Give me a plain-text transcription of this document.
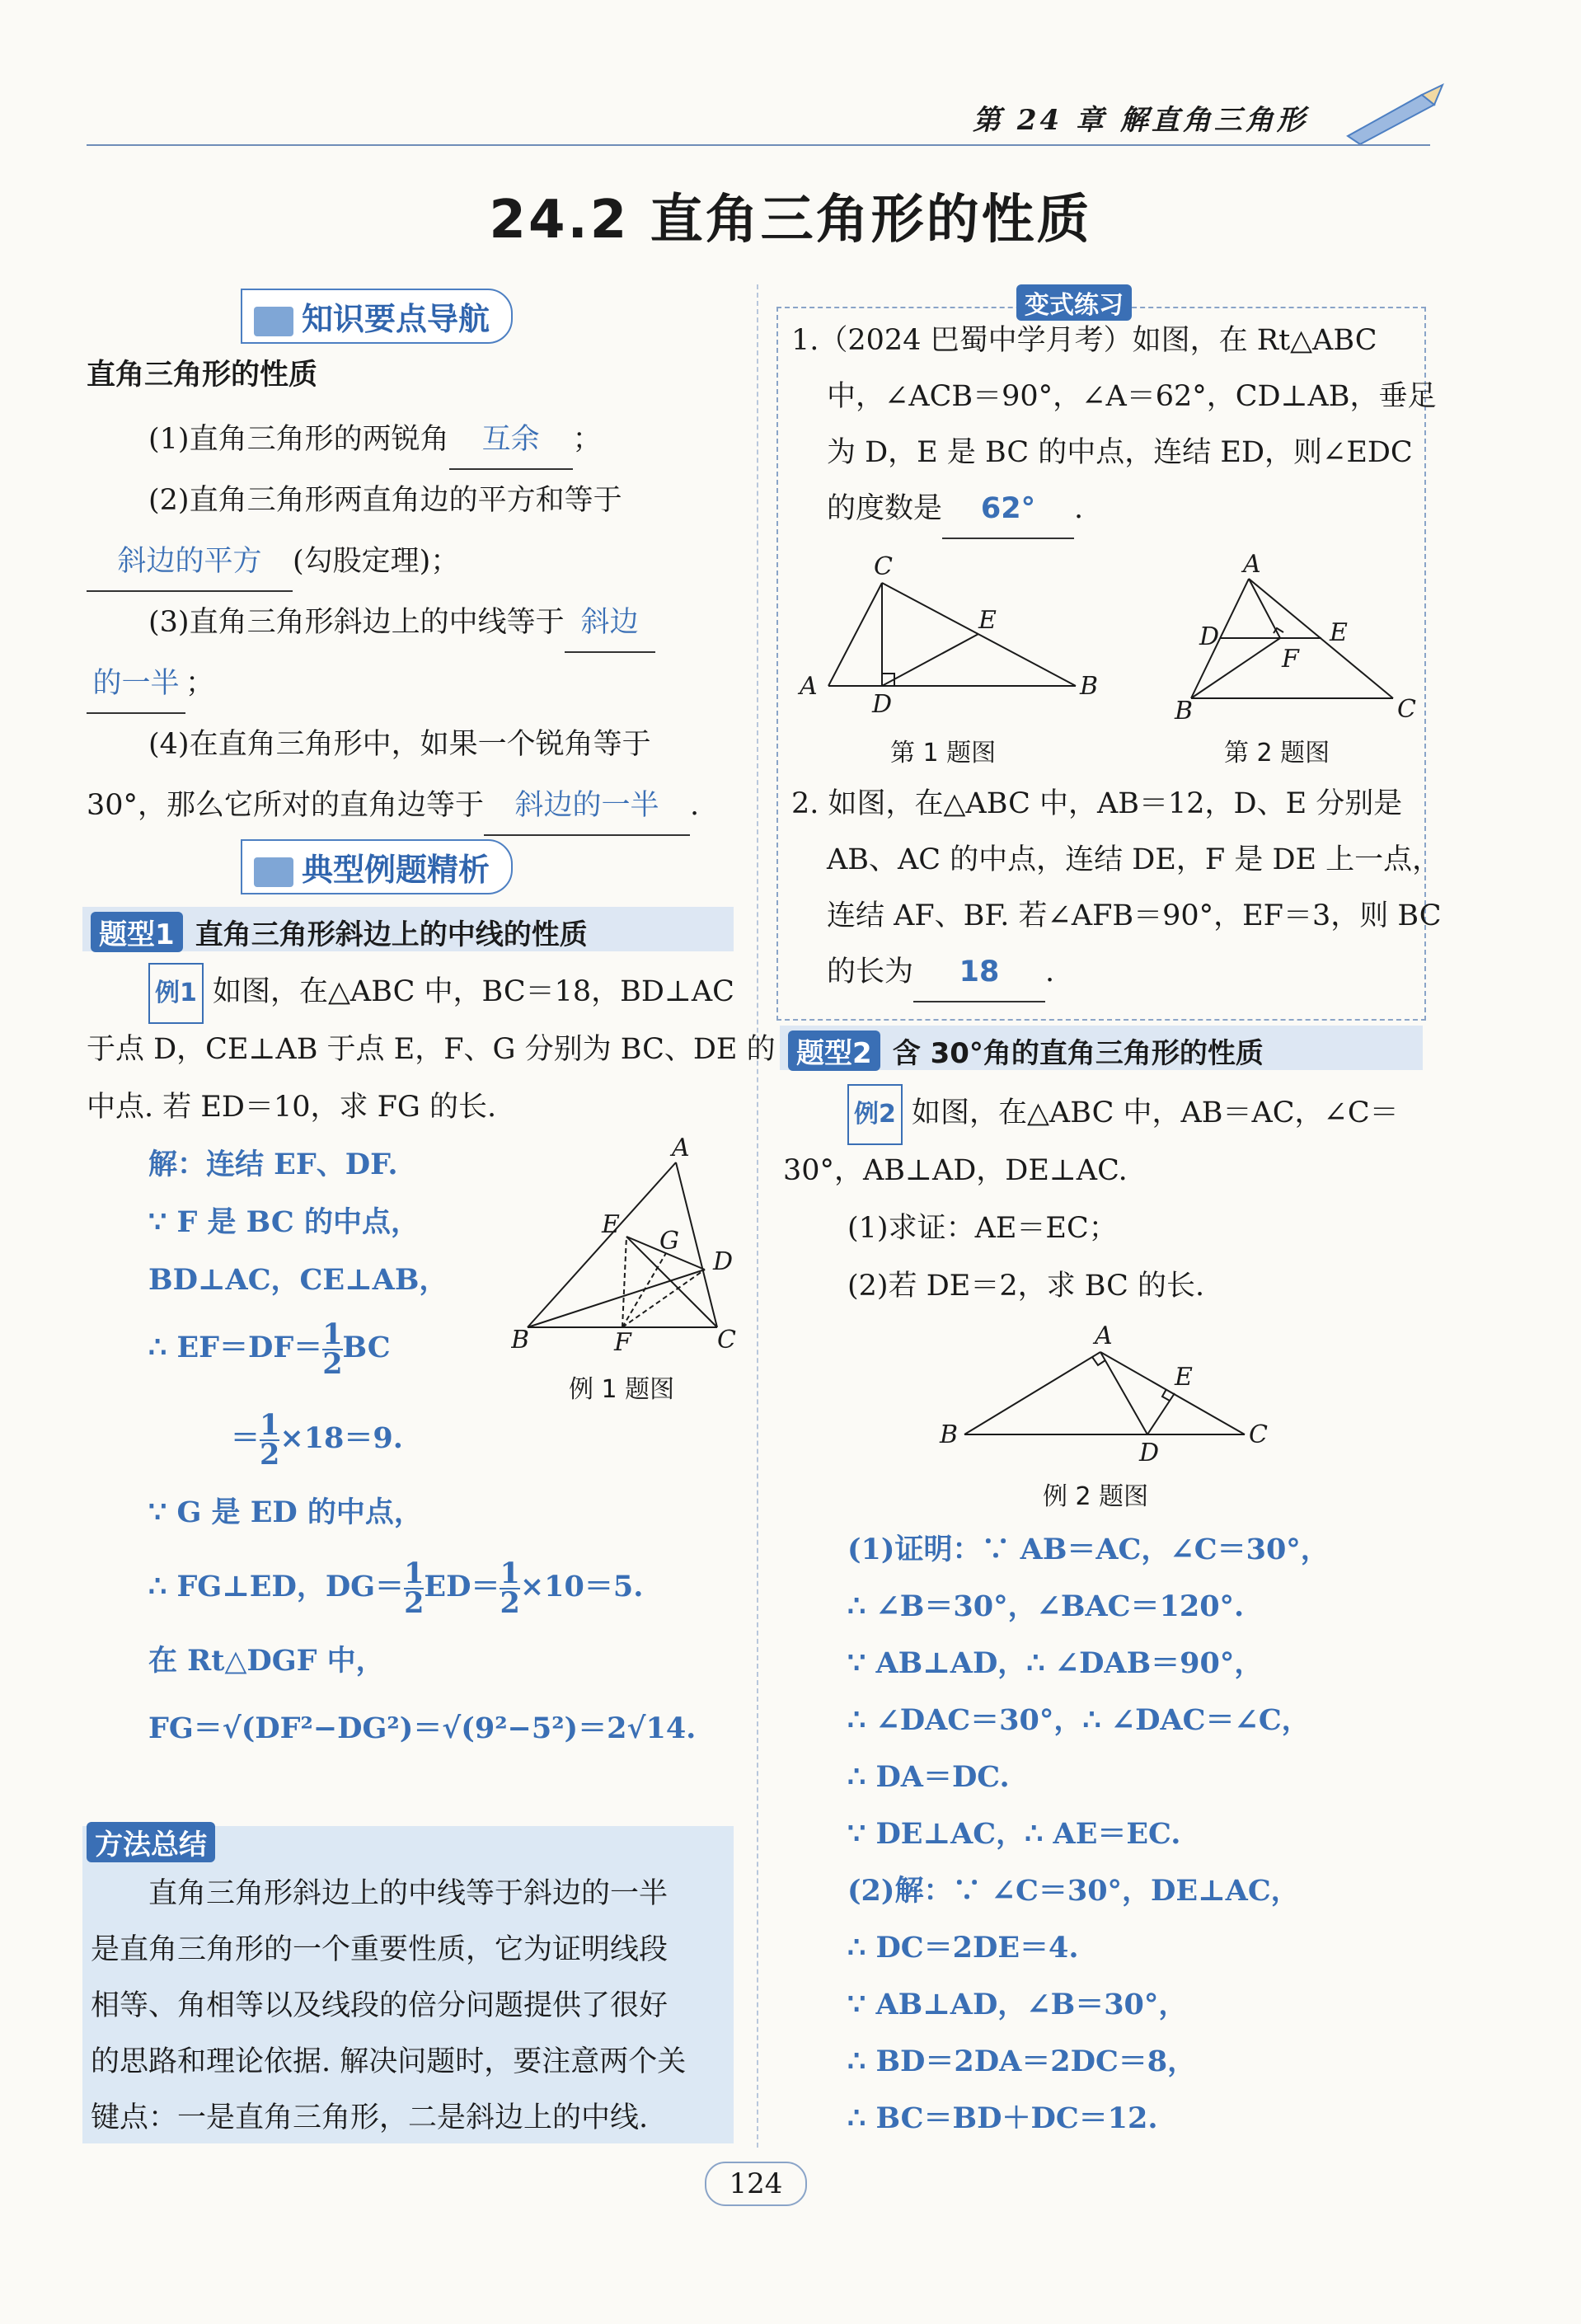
第 24 章 解直角三角形
24.2 直角三角形的性质
知识要点导航
直角三角形的性质
(1)直角三角形的两锐角 互余 ；
(2)直角三角形两直角边的平方和等于
斜边的平方 (勾股定理)；
(3)直角三角形斜边上的中线等于 斜边
的一半 ；
(4)在直角三角形中，如果一个锐角等于
30°，那么它所对的直角边等于 斜边的一半 .
典型例题精析
题型1 直角三角形斜边上的中线的性质
例1 如图，在△ABC 中，BC＝18，BD⊥AC
于点 D，CE⊥AB 于点 E，F、G 分别为 BC、DE 的
中点. 若 ED＝10，求 FG 的长.
解：连结 EF、DF.
∵ F 是 BC 的中点，
BD⊥AC，CE⊥AB，
∴ $EF=DF= \frac{1}{2}$ BC
＝ $\frac{1}{2} \times 18=9$.
∵ G 是 ED 的中点，
∴ FG⊥ED，$DG= \frac{1}{2} ED= \frac{1}{2} \times 10=5$.
在 Rt△DGF 中，
FG＝√(DF²−DG²)＝√(9²−5²)＝2√14.
A
E
G
D
B	F	C
例 1 题图
方法总结
直角三角形斜边上的中线等于斜边的一半
是直角三角形的一个重要性质，它为证明线段
相等、角相等以及线段的倍分问题提供了很好
的思路和理论依据. 解决问题时，要注意两个关
键点：一是直角三角形，二是斜边上的中线.
变式练习
1.（2024 巴蜀中学月考）如图，在 Rt△ABC
中，∠ACB＝90°，∠A＝62°，CD⊥AB，垂足
为 D，E 是 BC 的中点，连结 ED，则∠EDC
的度数是 62° .
C
E
A
D
B
第 1 题图
A
D	E
F
B	C
第 2 题图
2. 如图，在△ABC 中，AB＝12，D、E 分别是
AB、AC 的中点，连结 DE，F 是 DE 上一点，
连结 AF、BF. 若∠AFB＝90°，EF＝3，则 BC
的长为 18 .
题型2 含 30°角的直角三角形的性质
例2 如图，在△ABC 中，AB＝AC，∠C＝
30°，AB⊥AD，DE⊥AC.
(1)求证：AE＝EC；
(2)若 DE＝2，求 BC 的长.
A
E
B
D
C
例 2 题图
(1)证明：∵ AB＝AC，∠C＝30°，
∴ ∠B＝30°，∠BAC＝120°.
∵ AB⊥AD，∴ ∠DAB＝90°，
∴ ∠DAC＝30°，∴ ∠DAC＝∠C，
∴ DA＝DC.
∵ DE⊥AC，∴ AE＝EC.
(2)解：∵ ∠C＝30°，DE⊥AC，
∴ DC＝2DE＝4.
∵ AB⊥AD，∠B＝30°，
∴ BD＝2DA＝2DC＝8，
∴ BC＝BD＋DC＝12.
124
